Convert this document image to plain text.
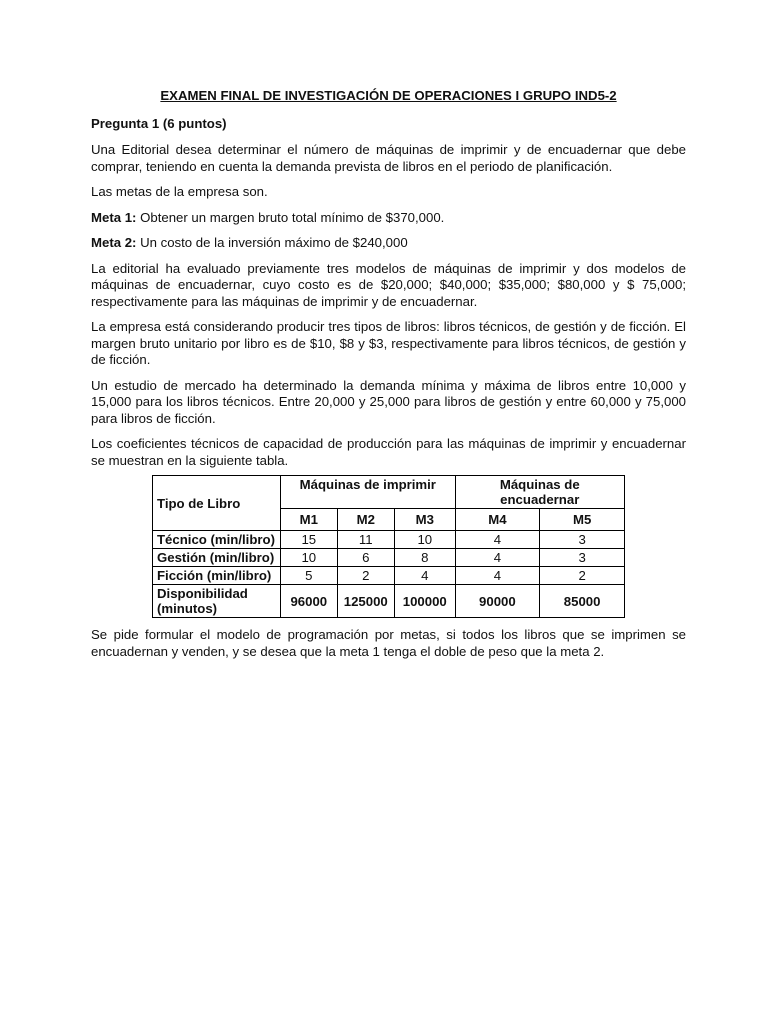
EXAMEN FINAL DE INVESTIGACIÓN DE OPERACIONES I GRUPO IND5-2
Pregunta 1 (6 puntos)

Una Editorial desea determinar el número de máquinas de imprimir y de encuadernar que debe comprar, teniendo en cuenta la demanda prevista de libros en el periodo de planificación.

Las metas de la empresa son.

Meta 1: Obtener un margen bruto total mínimo de $370,000.

Meta 2: Un costo de la inversión máximo de $240,000

La editorial ha evaluado previamente tres modelos de máquinas de imprimir y dos modelos de máquinas de encuadernar, cuyo costo es de $20,000; $40,000; $35,000; $80,000 y $ 75,000; respectivamente para las máquinas de imprimir y de encuadernar.

La empresa está considerando producir tres tipos de libros: libros técnicos, de gestión y de ficción. El margen bruto unitario por libro es de $10, $8 y $3, respectivamente para libros técnicos, de gestión y de ficción.

Un estudio de mercado ha determinado la demanda mínima y máxima de libros entre 10,000 y 15,000 para los libros técnicos. Entre 20,000 y 25,000 para libros de gestión y entre 60,000 y 75,000 para libros de ficción.

Los coeficientes técnicos de capacidad de producción para las máquinas de imprimir y encuadernar se muestran en la siguiente tabla.

Tipo de Libro	Máquinas de imprimir			Máquinas de encuadernar	
	M1	M2	M3	M4	M5
Técnico (min/libro)	15	11	10	4	3
Gestión (min/libro)	10	6	8	4	3
Ficción (min/libro)	5	2	4	4	2

Disponibilidad
(minutos)	96000	125000	100000	90000	85000

Se pide formular el modelo de programación por metas, si todos los libros que se imprimen se encuadernan y venden, y se desea que la meta 1 tenga el doble de peso que la meta 2.
